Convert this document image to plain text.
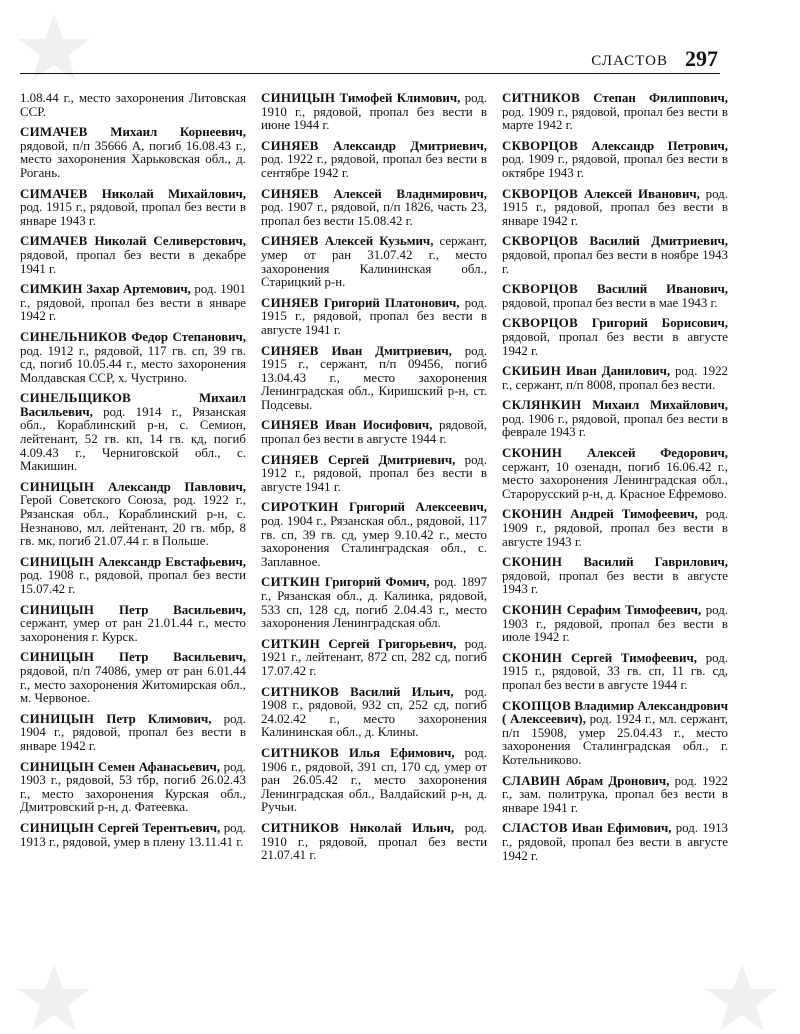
СЛАСТОВ 297

1.08.44 г., место захоронения Литовская ССР.

СИМАЧЕВ Михаил Корнеевич, рядовой, п/п 35666 А, погиб 16.08.43 г., место захоронения Харьковская обл., д. Рогань.

СИМАЧЕВ Николай Михайлович, род. 1915 г., рядовой, пропал без вести в январе 1943 г.

СИМАЧЕВ Николай Селиверстович, рядовой, пропал без вести в декабре 1941 г.

СИМКИН Захар Артемович, род. 1901 г., рядовой, пропал без вести в январе 1942 г.

СИНЕЛЬНИКОВ Федор Степанович, род. 1912 г., рядовой, 117 гв. сп, 39 гв. сд, погиб 10.05.44 г., место захоронения Молдавская ССР, х. Чустрино.

СИНЕЛЬЩИКОВ	Михаил Васильевич, род. 1914 г., Рязанская обл., Кораблинский р-н, с. Семион, лейтенант, 52 гв. кп, 14 гв. кд, погиб 4.09.43 г., Черниговской обл., с. Макишин.

СИНИЦЫН Александр Павлович, Герой Советского Союза, род. 1922 г., Рязанская обл., Кораблинский р-н, с. Незнаново, мл. лейтенант, 20 гв. мбр, 8 гв. мк, погиб 21.07.44 г. в Польше.

СИНИЦЫН Александр Евстафьевич, род. 1908 г., рядовой, пропал без вести 15.07.42 г.

СИНИЦЫН Петр Васильевич, сержант, умер от ран 21.01.44 г., место захоронения г. Курск.

СИНИЦЫН Петр Васильевич, рядовой, п/п 74086, умер от ран 6.01.44 г., место захоронения Житомирская обл., м. Червоное.

СИНИЦЫН Петр Климович, род. 1904 г., рядовой, пропал без вести в январе 1942 г.

СИНИЦЫН Семен Афанасьевич, род. 1903 г., рядовой, 53 тбр, погиб 26.02.43 г., место захоронения Курская обл., Дмитровский р-н, д. Фатеевка.

СИНИЦЫН Сергей Терентьевич, род. 1913 г., рядовой, умер в плену 13.11.41 г.

СИНИЦЫН Тимофей Климович, род. 1910 г., рядовой, пропал без вести в июне 1944 г.

СИНЯЕВ Александр Дмитриевич, род. 1922 г., рядовой, пропал без вести в сентябре 1942 г.

СИНЯЕВ Алексей Владимирович, род. 1907 г., рядовой, п/п 1826, часть 23, пропал без вести 15.08.42 г.

СИНЯЕВ Алексей Кузьмич, сержант, умер от ран 31.07.42 г., место захоронения Калининская обл., Старицкий р-н.

СИНЯЕВ Григорий Платонович, род. 1915 г., рядовой, пропал без вести в августе 1941 г.

СИНЯЕВ Иван Дмитриевич, род. 1915 г., сержант, п/п 09456, погиб 13.04.43 г., место захоронения Ленинградская обл., Киришский р-н, ст. Подсевы.

СИНЯЕВ Иван Иосифович, рядовой, пропал без вести в августе 1944 г.

СИНЯЕВ Сергей Дмитриевич, род. 1912 г., рядовой, пропал без вести в августе 1941 г.

СИРОТКИН Григорий Алексеевич, род. 1904 г., Рязанская обл., рядовой, 117 гв. сп, 39 гв. сд, умер 9.10.42 г., место захоронения Сталинградская обл., с. Заплавное.

СИТКИН Григорий Фомич, род. 1897 г., Рязанская обл., д. Калинка, рядовой, 533 сп, 128 сд, погиб 2.04.43 г., место захоронения Ленинградская обл.

СИТКИН Сергей Григорьевич, род. 1921 г., лейтенант, 872 сп, 282 сд, погиб 17.07.42 г.

СИТНИКОВ Василий Ильич, род. 1908 г., рядовой, 932 сп, 252 сд, погиб 24.02.42 г., место захоронения Калининская обл., д. Клины.

СИТНИКОВ Илья Ефимович, род. 1906 г., рядовой, 391 сп, 170 сд, умер от ран 26.05.42 г., место захоронения Ленинградская обл., Валдайский р-н, д. Ручьи.

СИТНИКОВ Николай Ильич, род. 1910 г., рядовой, пропал без вести 21.07.41 г.

СИТНИКОВ Степан Филиппович, род. 1909 г., рядовой, пропал без вести в марте 1942 г.

СКВОРЦОВ Александр Петрович, род. 1909 г., рядовой, пропал без вести в октябре 1943 г.

СКВОРЦОВ Алексей Иванович, род. 1915 г., рядовой, пропал без вести в январе 1942 г.

СКВОРЦОВ Василий Дмитриевич, рядовой, пропал без вести в ноябре 1943 г.

СКВОРЦОВ Василий Иванович, рядовой, пропал без вести в мае 1943 г.

СКВОРЦОВ Григорий Борисович, рядовой, пропал без вести в августе 1942 г.

СКИБИН Иван Данилович, род. 1922 г., сержант, п/п 8008, пропал без вести.

СКЛЯНКИН Михаил Михайлович, род. 1906 г., рядовой, пропал без вести в феврале 1943 г.

СКОНИН Алексей Федорович, сержант, 10 озенадн, погиб 16.06.42 г., место захоронения Ленинградская обл., Старорусский р-н, д. Красное Ефремово.

СКОНИН Андрей Тимофеевич, род. 1909 г., рядовой, пропал без вести в августе 1943 г.

СКОНИН Василий Гаврилович, рядовой, пропал без вести в августе 1943 г.

СКОНИН Серафим Тимофеевич, род. 1903 г., рядовой, пропал без вести в июле 1942 г.

СКОНИН Сергей Тимофеевич, род. 1915 г., рядовой, 33 гв. сп, 11 гв. сд, пропал без вести в августе 1944 г.

СКОПЦОВ Владимир Александрович ( Алексеевич), род. 1924 г., мл. сержант, п/п 15908, умер 25.04.43 г., место захоронения Сталинградская обл., г. Котельниково.

СЛАВИН Абрам Дронович, род. 1922 г., зам. политрука, пропал без вести в январе 1941 г.

СЛАСТОВ Иван Ефимович, род. 1913 г., рядовой, пропал без вести в августе 1942 г.
